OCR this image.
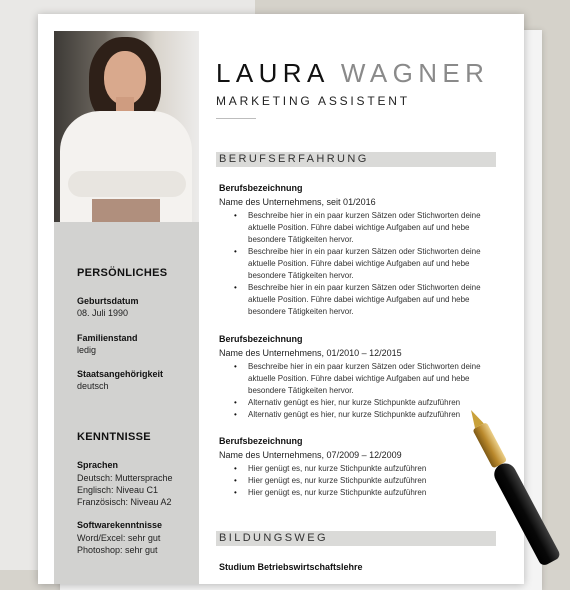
PERSÖNLICHES
Geburtsdatum
08. Juli 1990
Familienstand
ledig
Staatsangehörigkeit
deutsch
KENNTNISSE
Sprachen
Deutsch: Muttersprache
Englisch: Niveau C1
Französisch: Niveau A2
Softwarekenntnisse
Word/Excel: sehr gut
Photoshop: sehr gut
LAURA WAGNER
MARKETING ASSISTENT
BERUFSERFAHRUNG
Berufsbezeichnung
Name des Unternehmens, seit 01/2016
• Beschreibe hier in ein paar kurzen Sätzen oder Stichworten deine
aktuelle Position. Führe dabei wichtige Aufgaben auf und hebe
besondere Tätigkeiten hervor.
• Beschreibe hier in ein paar kurzen Sätzen oder Stichworten deine
aktuelle Position. Führe dabei wichtige Aufgaben auf und hebe
besondere Tätigkeiten hervor.
• Beschreibe hier in ein paar kurzen Sätzen oder Stichworten deine
aktuelle Position. Führe dabei wichtige Aufgaben auf und hebe
besondere Tätigkeiten hervor.
Berufsbezeichnung
Name des Unternehmens, 01/2010 – 12/2015
• Beschreibe hier in ein paar kurzen Sätzen oder Stichworten deine
aktuelle Position. Führe dabei wichtige Aufgaben auf und hebe
besondere Tätigkeiten hervor.
• Alternativ genügt es hier, nur kurze Stichpunkte aufzuführen
• Alternativ genügt es hier, nur kurze Stichpunkte aufzuführen
Berufsbezeichnung
Name des Unternehmens, 07/2009 – 12/2009
• Hier genügt es, nur kurze Stichpunkte aufzuführen
• Hier genügt es, nur kurze Stichpunkte aufzuführen
• Hier genügt es, nur kurze Stichpunkte aufzuführen
BILDUNGSWEG
Studium Betriebswirtschaftslehre
